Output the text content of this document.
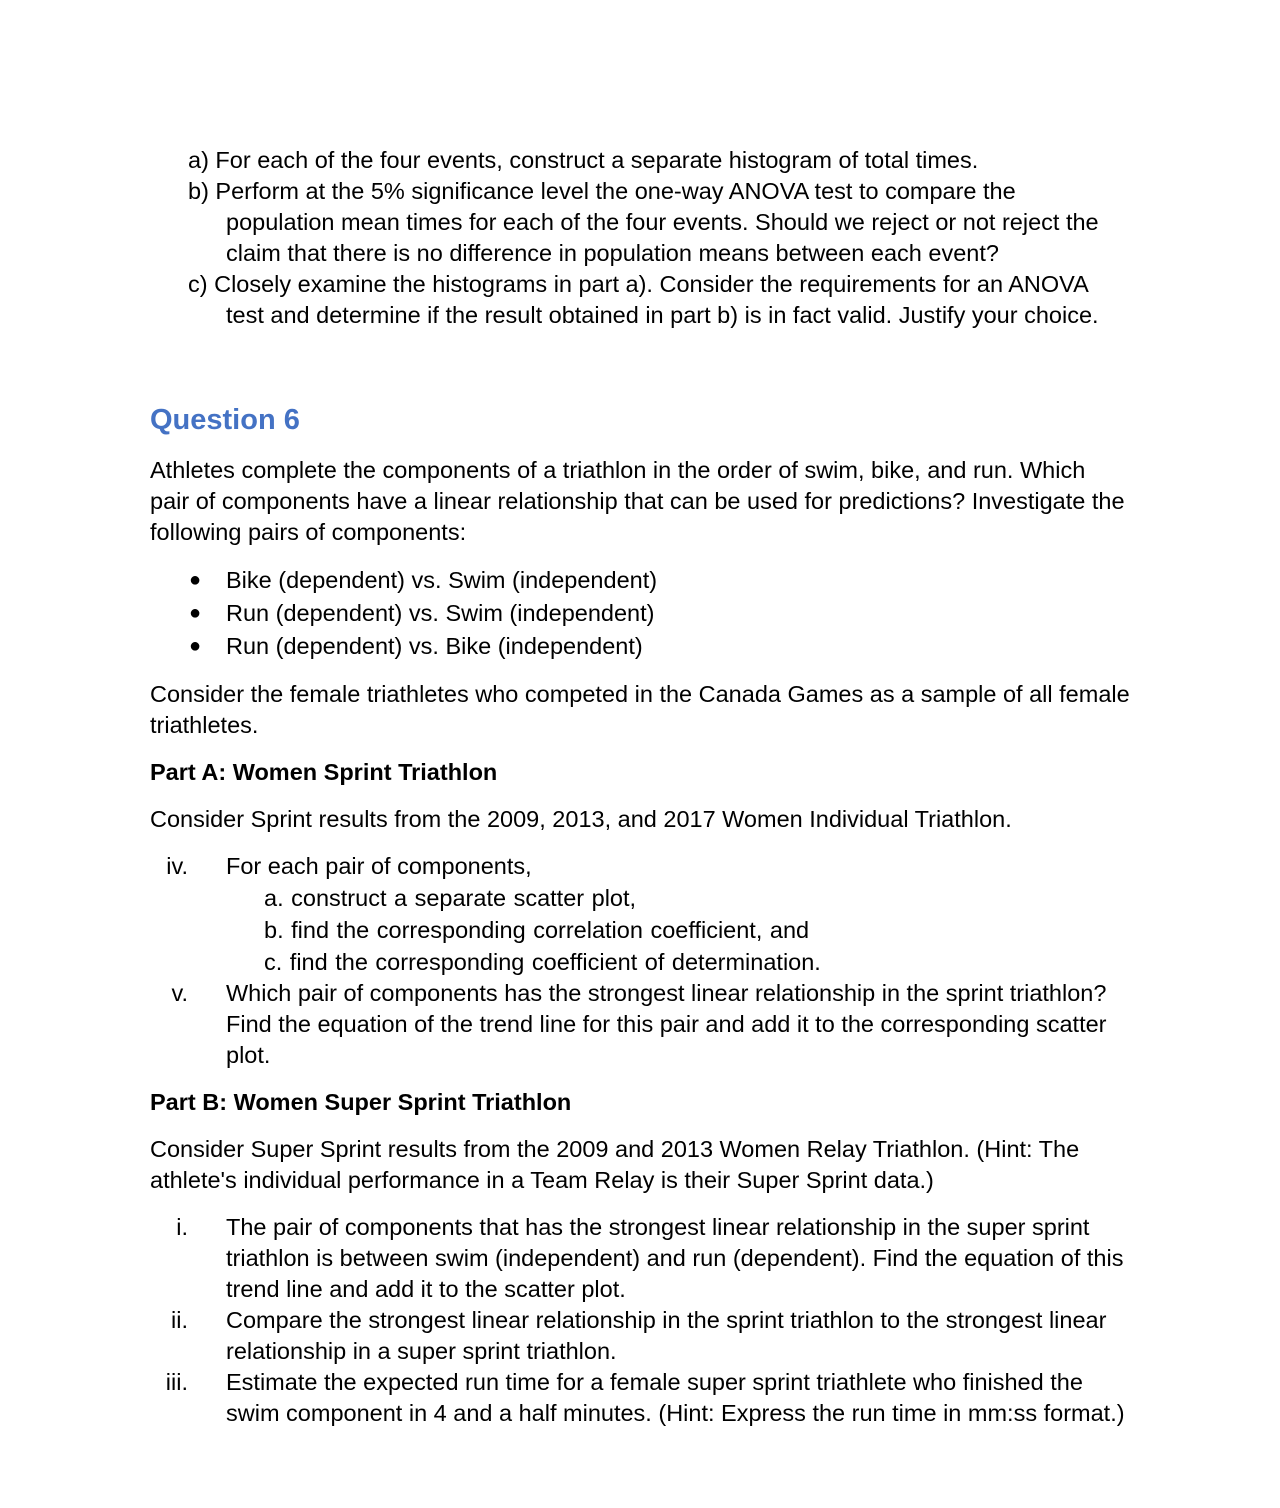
a) For each of the four events, construct a separate histogram of total times.
b) Perform at the 5% significance level the one-way ANOVA test to compare the population mean times for each of the four events. Should we reject or not reject the claim that there is no difference in population means between each event?
c) Closely examine the histograms in part a). Consider the requirements for an ANOVA test and determine if the result obtained in part b) is in fact valid. Justify your choice.
Question 6

Athletes complete the components of a triathlon in the order of swim, bike, and run. Which pair of components have a linear relationship that can be used for predictions? Investigate the following pairs of components:

● Bike (dependent) vs. Swim (independent)
● Run (dependent) vs. Swim (independent)
● Run (dependent) vs. Bike (independent)

Consider the female triathletes who competed in the Canada Games as a sample of all female triathletes.

Part A: Women Sprint Triathlon

Consider Sprint results from the 2009, 2013, and 2017 Women Individual Triathlon.

iv. For each pair of components,
a. construct a separate scatter plot,
b. find the corresponding correlation coefficient, and
c. find the corresponding coefficient of determination.
v. Which pair of components has the strongest linear relationship in the sprint triathlon? Find the equation of the trend line for this pair and add it to the corresponding scatter plot.

Part B: Women Super Sprint Triathlon

Consider Super Sprint results from the 2009 and 2013 Women Relay Triathlon. (Hint: The athlete's individual performance in a Team Relay is their Super Sprint data.)

i. The pair of components that has the strongest linear relationship in the super sprint triathlon is between swim (independent) and run (dependent). Find the equation of this trend line and add it to the scatter plot.
ii. Compare the strongest linear relationship in the sprint triathlon to the strongest linear relationship in a super sprint triathlon.
iii. Estimate the expected run time for a female super sprint triathlete who finished the swim component in 4 and a half minutes. (Hint: Express the run time in mm:ss format.)
